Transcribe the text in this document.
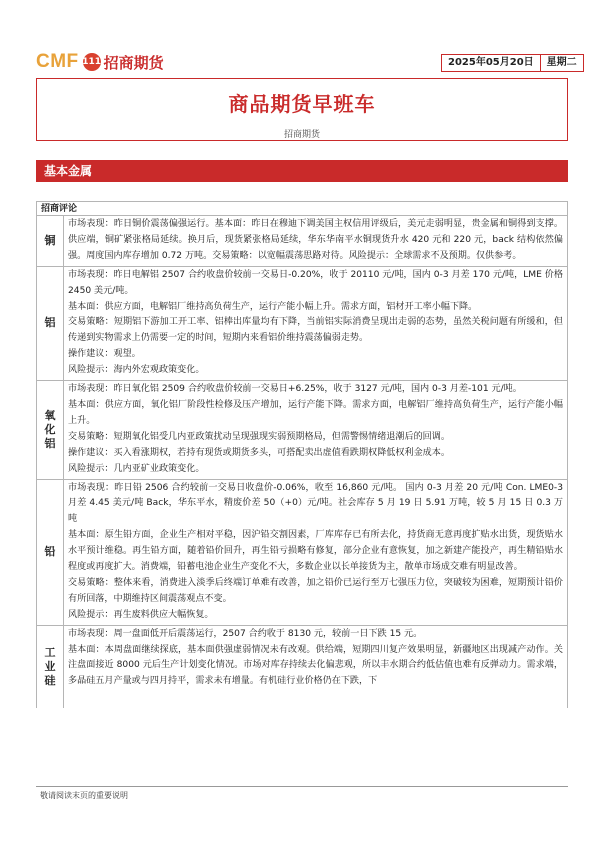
CMF 111 招商期货	2025年05月20日	星期二
商品期货早班车
招商期货
基本金属
招商评论
铜

市场表现：昨日铜价震荡偏强运行。基本面：昨日在穆迪下调美国主权信用评级后，美元走弱明显，贵金属和铜得到支撑。供应端，铜矿紧张格局延续。换月后，现货紧张格局延续，华东华南平水铜现货升水 420 元和 220 元，back 结构依然偏强。周度国内库存增加 0.72 万吨。交易策略：以宽幅震荡思路对待。风险提示：全球需求不及预期。仅供参考。

铝

市场表现：昨日电解铝 2507 合约收盘价较前一交易日-0.20%，收于 20110 元/吨，国内 0-3 月差 170 元/吨，LME 价格 2450 美元/吨。

基本面：供应方面，电解铝厂维持高负荷生产，运行产能小幅上升。需求方面，铝材开工率小幅下降。

交易策略：短期铝下游加工开工率、铝棒出库量均有下降，当前铝实际消费呈现出走弱的态势，虽然关税问题有所缓和，但传递到实物需求上仍需要一定的时间，短期内来看铝价维持震荡偏弱走势。

操作建议：观望。

风险提示：海内外宏观政策变化。

氧化铝

市场表现：昨日氧化铝 2509 合约收盘价较前一交易日+6.25%，收于 3127 元/吨，国内 0-3 月差-101 元/吨。

基本面：供应方面，氧化铝厂阶段性检修及压产增加，运行产能下降。需求方面，电解铝厂维持高负荷生产，运行产能小幅上升。

交易策略：短期氧化铝受几内亚政策扰动呈现强现实弱预期格局，但需警惕情绪退潮后的回调。

操作建议：买入看涨期权，若持有现货或期货多头，可搭配卖出虚值看跌期权降低权利金成本。

风险提示：几内亚矿业政策变化。

铅

市场表现：昨日铅 2506 合约较前一交易日收盘价-0.06%，收至 16,860 元/吨。 国内 0-3 月差 20 元/吨 Con. LME0-3 月差 4.45 美元/吨 Back，华东平水，精废价差 50（+0）元/吨。社会库存 5 月 19 日 5.91 万吨，较 5 月 15 日 0.3 万吨

基本面：原生铅方面，企业生产相对平稳，因沪铅交割因素，厂库库存已有所去化，持货商无意再度扩贴水出货，现货贴水水平预计维稳。再生铅方面，随着铅价回升，再生铅亏损略有修复，部分企业有意恢复，加之新建产能投产，再生精铅贴水程度或再度扩大。消费端，铅蓄电池企业生产变化不大，多数企业以长单接货为主，散单市场成交难有明显改善。

交易策略：整体来看，消费进入淡季后终端订单难有改善，加之铅价已运行至万七强压力位，突破较为困难，短期预计铅价有所回落，中期维持区间震荡观点不变。

风险提示：再生废料供应大幅恢复。

工业硅

市场表现：周一盘面低开后震荡运行，2507 合约收于 8130 元，较前一日下跌 15 元。

基本面：本周盘面继续探底，基本面供强虚弱情况未有改观。供给端，短期四川复产效果明显，新疆地区出现减产动作。关注盘面接近 8000 元后生产计划变化情况。市场对库存持续去化偏悲观，所以丰水期合约低估值也难有反弹动力。需求端，多晶硅五月产量或与四月持平，需求未有增量。有机硅行业价格仍在下跌，下

敬请阅读末页的重要说明
